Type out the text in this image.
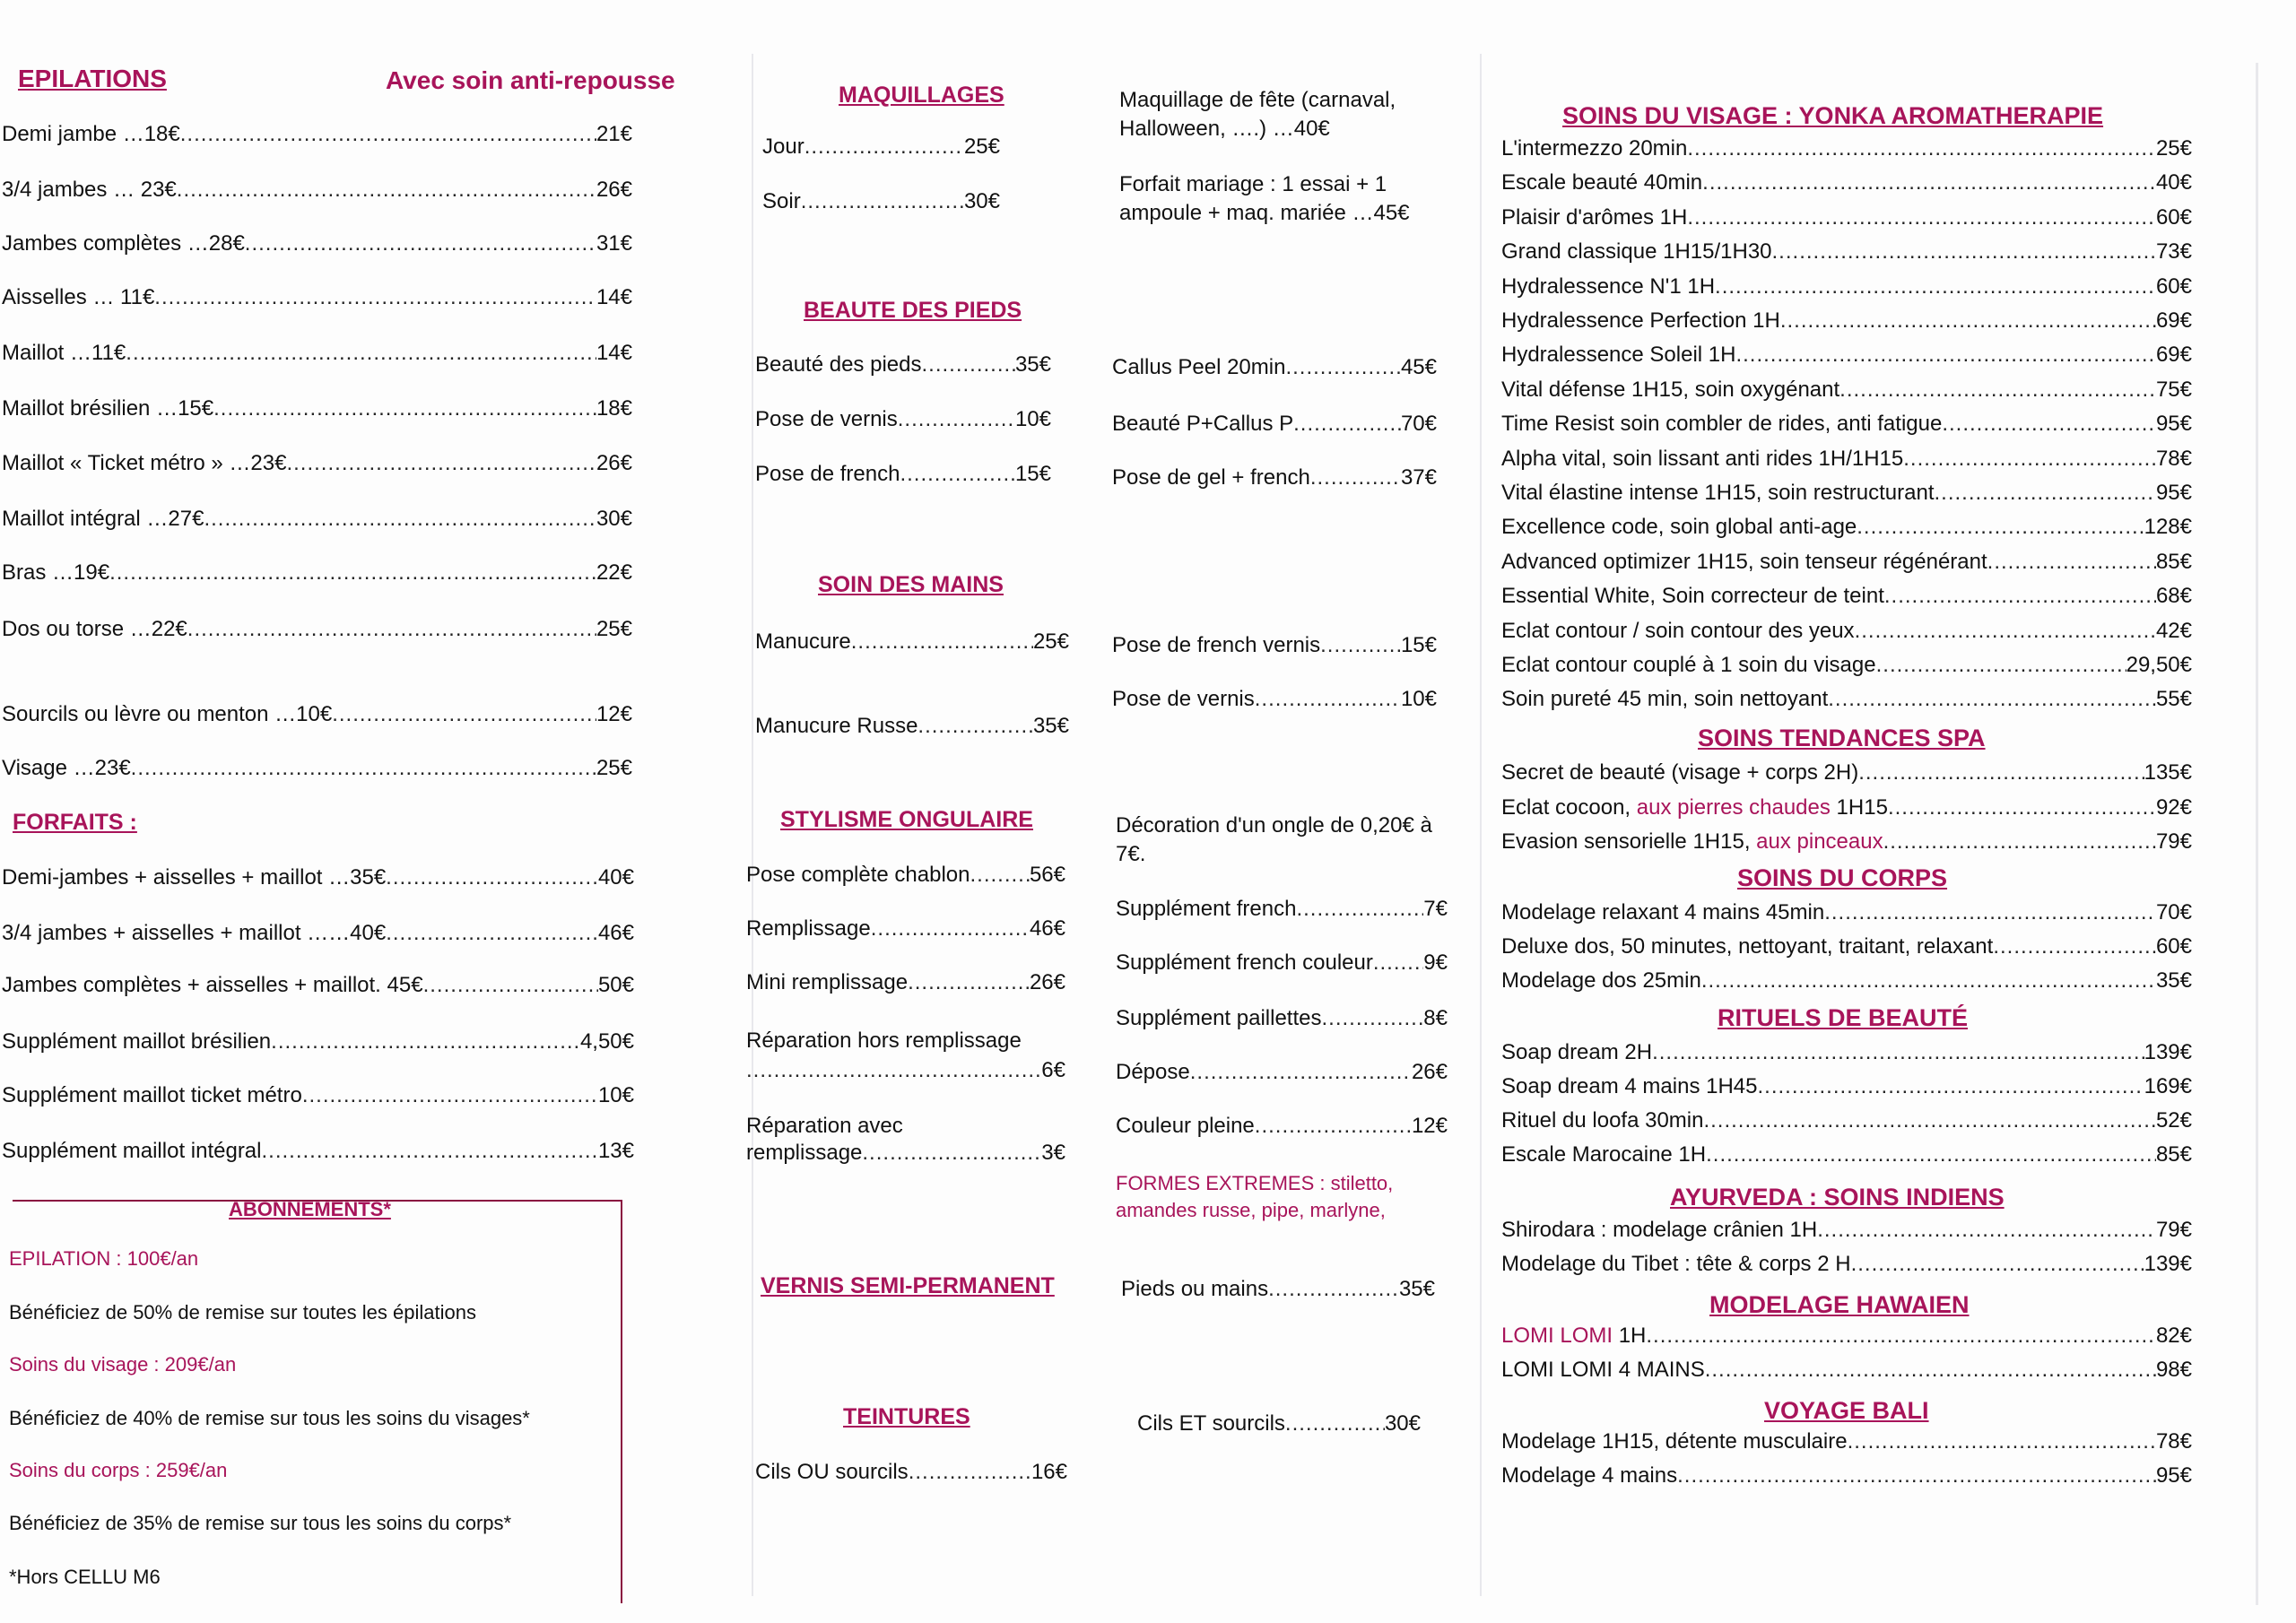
EPILATIONS	Avec soin anti-repousse
Demi jambe …18€ .....	21€
3/4 jambes … 23€ .....	26€
Jambes complètes …28€ .....	31€
Aisselles … 11€ .....	14€
Maillot …11€ .....	14€
Maillot brésilien …15€ .....	18€
Maillot « Ticket métro » …23€ .....	26€
Maillot intégral …27€ .....	30€
Bras …19€ .....	22€
Dos ou torse …22€ .....	25€
Sourcils ou lèvre ou menton …10€ .....	12€
Visage …23€ .....	25€
FORFAITS :
Demi-jambes + aisselles + maillot …35€ .....	40€
3/4 jambes + aisselles + maillot ……40€ .....	46€
Jambes complètes + aisselles + maillot. 45€ .....	50€
Supplément maillot brésilien .....	4,50€
Supplément maillot ticket métro .....	10€
Supplément maillot intégral .....	13€
ABONNEMENTS*
EPILATION : 100€/an
Bénéficiez de 50% de remise sur toutes les épilations
Soins du visage : 209€/an
Bénéficiez de 40% de remise sur tous les soins du visages*
Soins du corps : 259€/an
Bénéficiez de 35% de remise sur tous les soins du corps*
*Hors CELLU M6
MAQUILLAGES
Jour .....	25€
Soir .....	30€
Maquillage de fête (carnaval, Halloween, ….) …40€
Forfait mariage : 1 essai + 1 ampoule + maq. mariée …45€
BEAUTE DES PIEDS
Beauté des pieds .....	35€
Pose de vernis .....	10€
Pose de french .....	15€
Callus Peel 20min .....	45€
Beauté P+Callus P .....	70€
Pose de gel + french .....	37€
SOIN DES MAINS
Manucure .....	25€
Manucure Russe .....	35€
Pose de french vernis .....	15€
Pose de vernis .....	10€
STYLISME ONGULAIRE
Pose complète chablon .....	56€
Remplissage .....	46€
Mini remplissage .....	26€
Réparation hors remplissage
.....
6€
Réparation avec
remplissage .....	3€
Décoration d'un ongle de 0,20€ à 7€.
Supplément french .....	7€
Supplément french couleur ..... 9€
Supplément paillettes .....	8€
Dépose .....	26€
Couleur pleine .....	12€
FORMES EXTREMES : stiletto, amandes russe, pipe, marlyne,
VERNIS SEMI-PERMANENT	Pieds ou mains .....	35€
TEINTURES
Cils OU sourcils .....	16€
Cils ET sourcils .....	30€
SOINS DU VISAGE : YONKA AROMATHERAPIE
L'intermezzo 20min .....	25€
Escale beauté 40min .....	40€
Plaisir d'arômes 1H .....	60€
Grand classique 1H15/1H30 .....	73€
Hydralessence N'1 1H .....	60€
Hydralessence Perfection 1H .....	69€
Hydralessence Soleil 1H .....	69€
Vital défense 1H15, soin oxygénant .....	75€
Time Resist soin combler de rides, anti fatigue .....	95€
Alpha vital, soin lissant anti rides 1H/1H15 .....	78€
Vital élastine intense 1H15, soin restructurant .....	95€
Excellence code, soin global anti-age .....	128€
Advanced optimizer 1H15, soin tenseur régénérant .....	85€
Essential White, Soin correcteur de teint .....	68€
Eclat contour / soin contour des yeux .....	42€
Eclat contour couplé à 1 soin du visage .....	29,50€
Soin pureté 45 min, soin nettoyant .....	55€
SOINS TENDANCES SPA
Secret de beauté (visage + corps 2H) .....	135€
Eclat cocoon, aux pierres chaudes 1H15 .....	92€
Evasion sensorielle 1H15, aux pinceaux .....	79€
SOINS DU CORPS
Modelage relaxant 4 mains 45min .....	70€
Deluxe dos, 50 minutes, nettoyant, traitant, relaxant .....	60€
Modelage dos 25min .....	35€
RITUELS DE BEAUTÉ
Soap dream 2H .....	139€
Soap dream 4 mains 1H45 .....	169€
Rituel du loofa 30min .....	52€
Escale Marocaine 1H .....	85€
AYURVEDA : SOINS INDIENS
Shirodara : modelage crânien 1H .....	79€
Modelage du Tibet : tête & corps 2 H .....	139€
MODELAGE HAWAIEN
LOMI LOMI 1H .....	82€
LOMI LOMI 4 MAINS .....	98€
VOYAGE BALI
Modelage 1H15, détente musculaire .....	78€
Modelage 4 mains .....	95€
